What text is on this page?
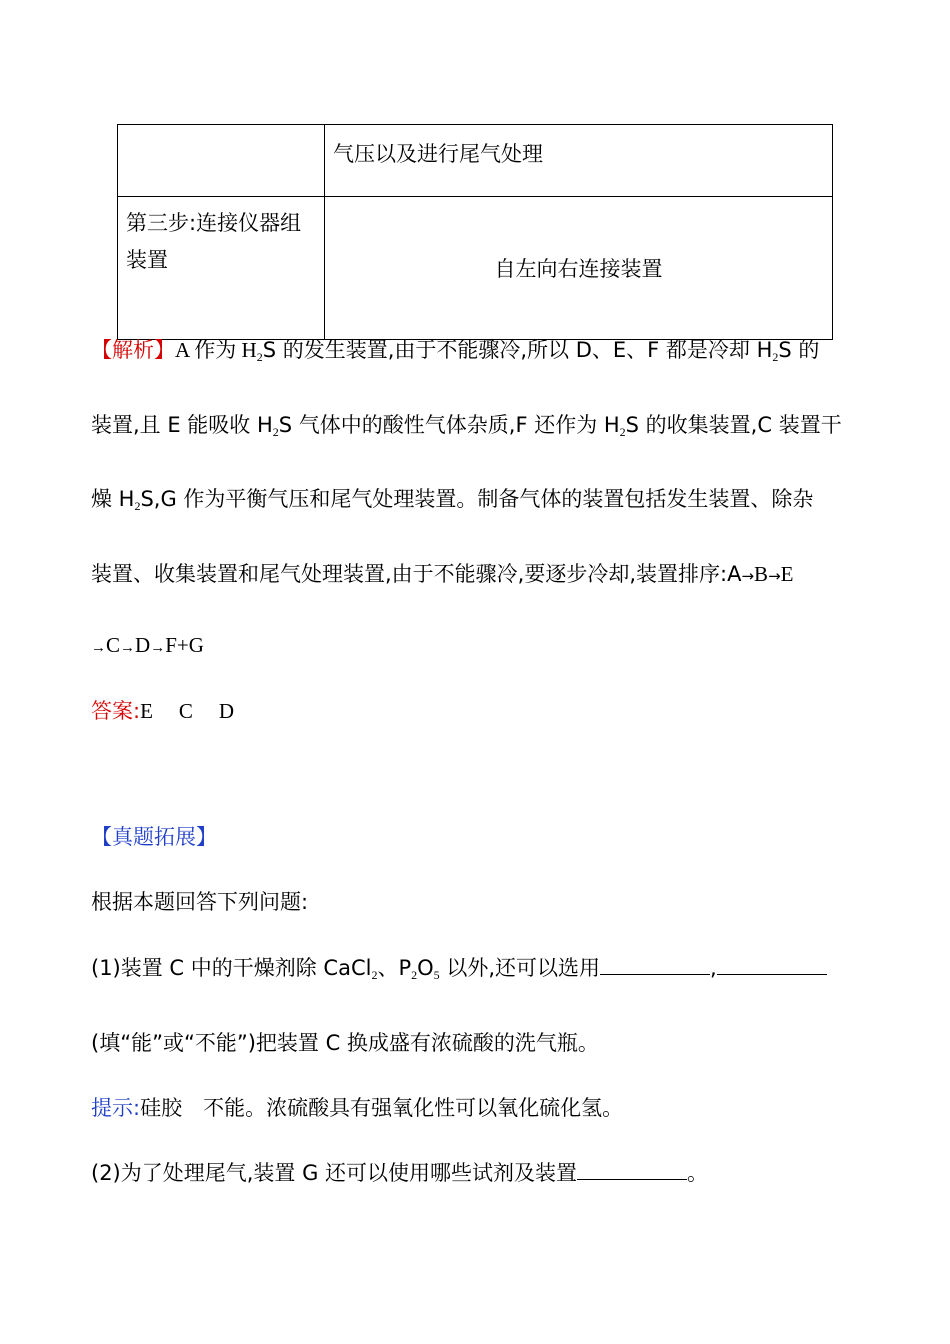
	气压以及进行尾气处理

第三步:连接仪器组
装置	自左向右连接装置
【解析】A 作为 $H_2S$ 的发生装置,由于不能骤冷,所以 D、E、F 都是冷却 $H_2S$ 的
装置,且 E 能吸收 $H_2S$ 气体中的酸性气体杂质,F 还作为 $H_2S$ 的收集装置,C 装置干
燥 $H_2S,G$ 作为平衡气压和尾气处理装置。制备气体的装置包括发生装置、除杂
装置、收集装置和尾气处理装置,由于不能骤冷,要逐步冷却,装置排序:A→B→E
→C→D→F+G
答案:E C D
【真题拓展】
根据本题回答下列问题:
(1)装置 C 中的干燥剂除 CaCl$_2$、$P_2O_5$ 以外,还可以选用	,
(填“能”或“不能”)把装置 C 换成盛有浓硫酸的洗气瓶。
提示:硅胶　不能。浓硫酸具有强氧化性可以氧化硫化氢。
(2)为了处理尾气,装置 G 还可以使用哪些试剂及装置	。
